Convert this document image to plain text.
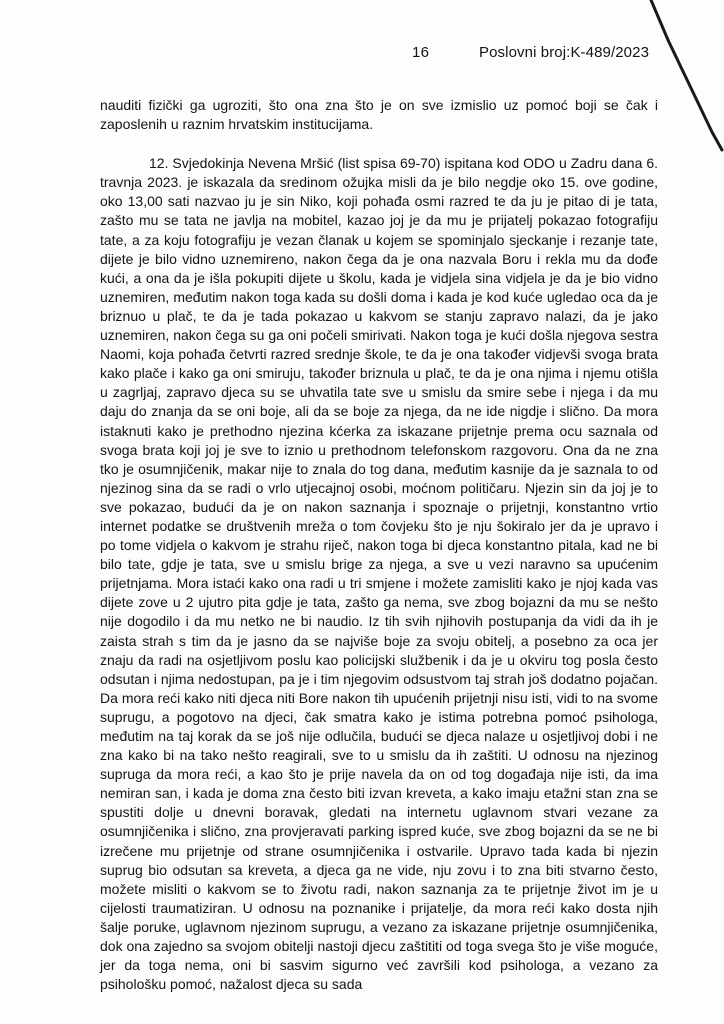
16	Poslovni broj:K-489/2023

nauditi fizički ga ugroziti, što ona zna što je on sve izmislio uz pomoć boji se čak i zaposlenih u raznim hrvatskim institucijama.

12. Svjedokinja Nevena Mršić (list spisa 69-70) ispitana kod ODO u Zadru dana 6. travnja 2023. je iskazala da sredinom ožujka misli da je bilo negdje oko 15. ove godine, oko 13,00 sati nazvao ju je sin Niko, koji pohađa osmi razred te da ju je pitao di je tata, zašto mu se tata ne javlja na mobitel, kazao joj je da mu je prijatelj pokazao fotografiju tate, a za koju fotografiju je vezan članak u kojem se spominjalo sjeckanje i rezanje tate, dijete je bilo vidno uznemireno, nakon čega da je ona nazvala Boru i rekla mu da dođe kući, a ona da je išla pokupiti dijete u školu, kada je vidjela sina vidjela je da je bio vidno uznemiren, međutim nakon toga kada su došli doma i kada je kod kuće ugledao oca da je briznuo u plač, te da je tada pokazao u kakvom se stanju zapravo nalazi, da je jako uznemiren, nakon čega su ga oni počeli smirivati. Nakon toga je kući došla njegova sestra Naomi, koja pohađa četvrti razred srednje škole, te da je ona također vidjevši svoga brata kako plače i kako ga oni smiruju, također briznula u plač, te da je ona njima i njemu otišla u zagrljaj, zapravo djeca su se uhvatila tate sve u smislu da smire sebe i njega i da mu daju do znanja da se oni boje, ali da se boje za njega, da ne ide nigdje i slično. Da mora istaknuti kako je prethodno njezina kćerka za iskazane prijetnje prema ocu saznala od svoga brata koji joj je sve to iznio u prethodnom telefonskom razgovoru. Ona da ne zna tko je osumnjičenik, makar nije to znala do tog dana, međutim kasnije da je saznala to od njezinog sina da se radi o vrlo utjecajnoj osobi, moćnom političaru. Njezin sin da joj je to sve pokazao, budući da je on nakon saznanja i spoznaje o prijetnji, konstantno vrtio internet podatke se društvenih mreža o tom čovjeku što je nju šokiralo jer da je upravo i po tome vidjela o kakvom je strahu riječ, nakon toga bi djeca konstantno pitala, kad ne bi bilo tate, gdje je tata, sve u smislu brige za njega, a sve u vezi naravno sa upućenim prijetnjama. Mora istaći kako ona radi u tri smjene i možete zamisliti kako je njoj kada vas dijete zove u 2 ujutro pita gdje je tata, zašto ga nema, sve zbog bojazni da mu se nešto nije dogodilo i da mu netko ne bi naudio. Iz tih svih njihovih postupanja da vidi da ih je zaista strah s tim da je jasno da se najviše boje za svoju obitelj, a posebno za oca jer znaju da radi na osjetljivom poslu kao policijski službenik i da je u okviru tog posla često odsutan i njima nedostupan, pa je i tim njegovim odsustvom taj strah još dodatno pojačan. Da mora reći kako niti djeca niti Bore nakon tih upućenih prijetnji nisu isti, vidi to na svome suprugu, a pogotovo na djeci, čak smatra kako je istima potrebna pomoć psihologa, međutim na taj korak da se još nije odlučila, budući se djeca nalaze u osjetljivoj dobi i ne zna kako bi na tako nešto reagirali, sve to u smislu da ih zaštiti. U odnosu na njezinog supruga da mora reći, a kao što je prije navela da on od tog događaja nije isti, da ima nemiran san, i kada je doma zna često biti izvan kreveta, a kako imaju etažni stan zna se spustiti dolje u dnevni boravak, gledati na internetu uglavnom stvari vezane za osumnjičenika i slično, zna provjeravati parking ispred kuće, sve zbog bojazni da se ne bi izrečene mu prijetnje od strane osumnjičenika i ostvarile. Upravo tada kada bi njezin suprug bio odsutan sa kreveta, a djeca ga ne vide, nju zovu i to zna biti stvarno često, možete misliti o kakvom se to životu radi, nakon saznanja za te prijetnje život im je u cijelosti traumatiziran. U odnosu na poznanike i prijatelje, da mora reći kako dosta njih šalje poruke, uglavnom njezinom suprugu, a vezano za iskazane prijetnje osumnjičenika, dok ona zajedno sa svojom obitelji nastoji djecu zaštititi od toga svega što je više moguće, jer da toga nema, oni bi sasvim sigurno već završili kod psihologa, a vezano za psihološku pomoć, nažalost djeca su sada
